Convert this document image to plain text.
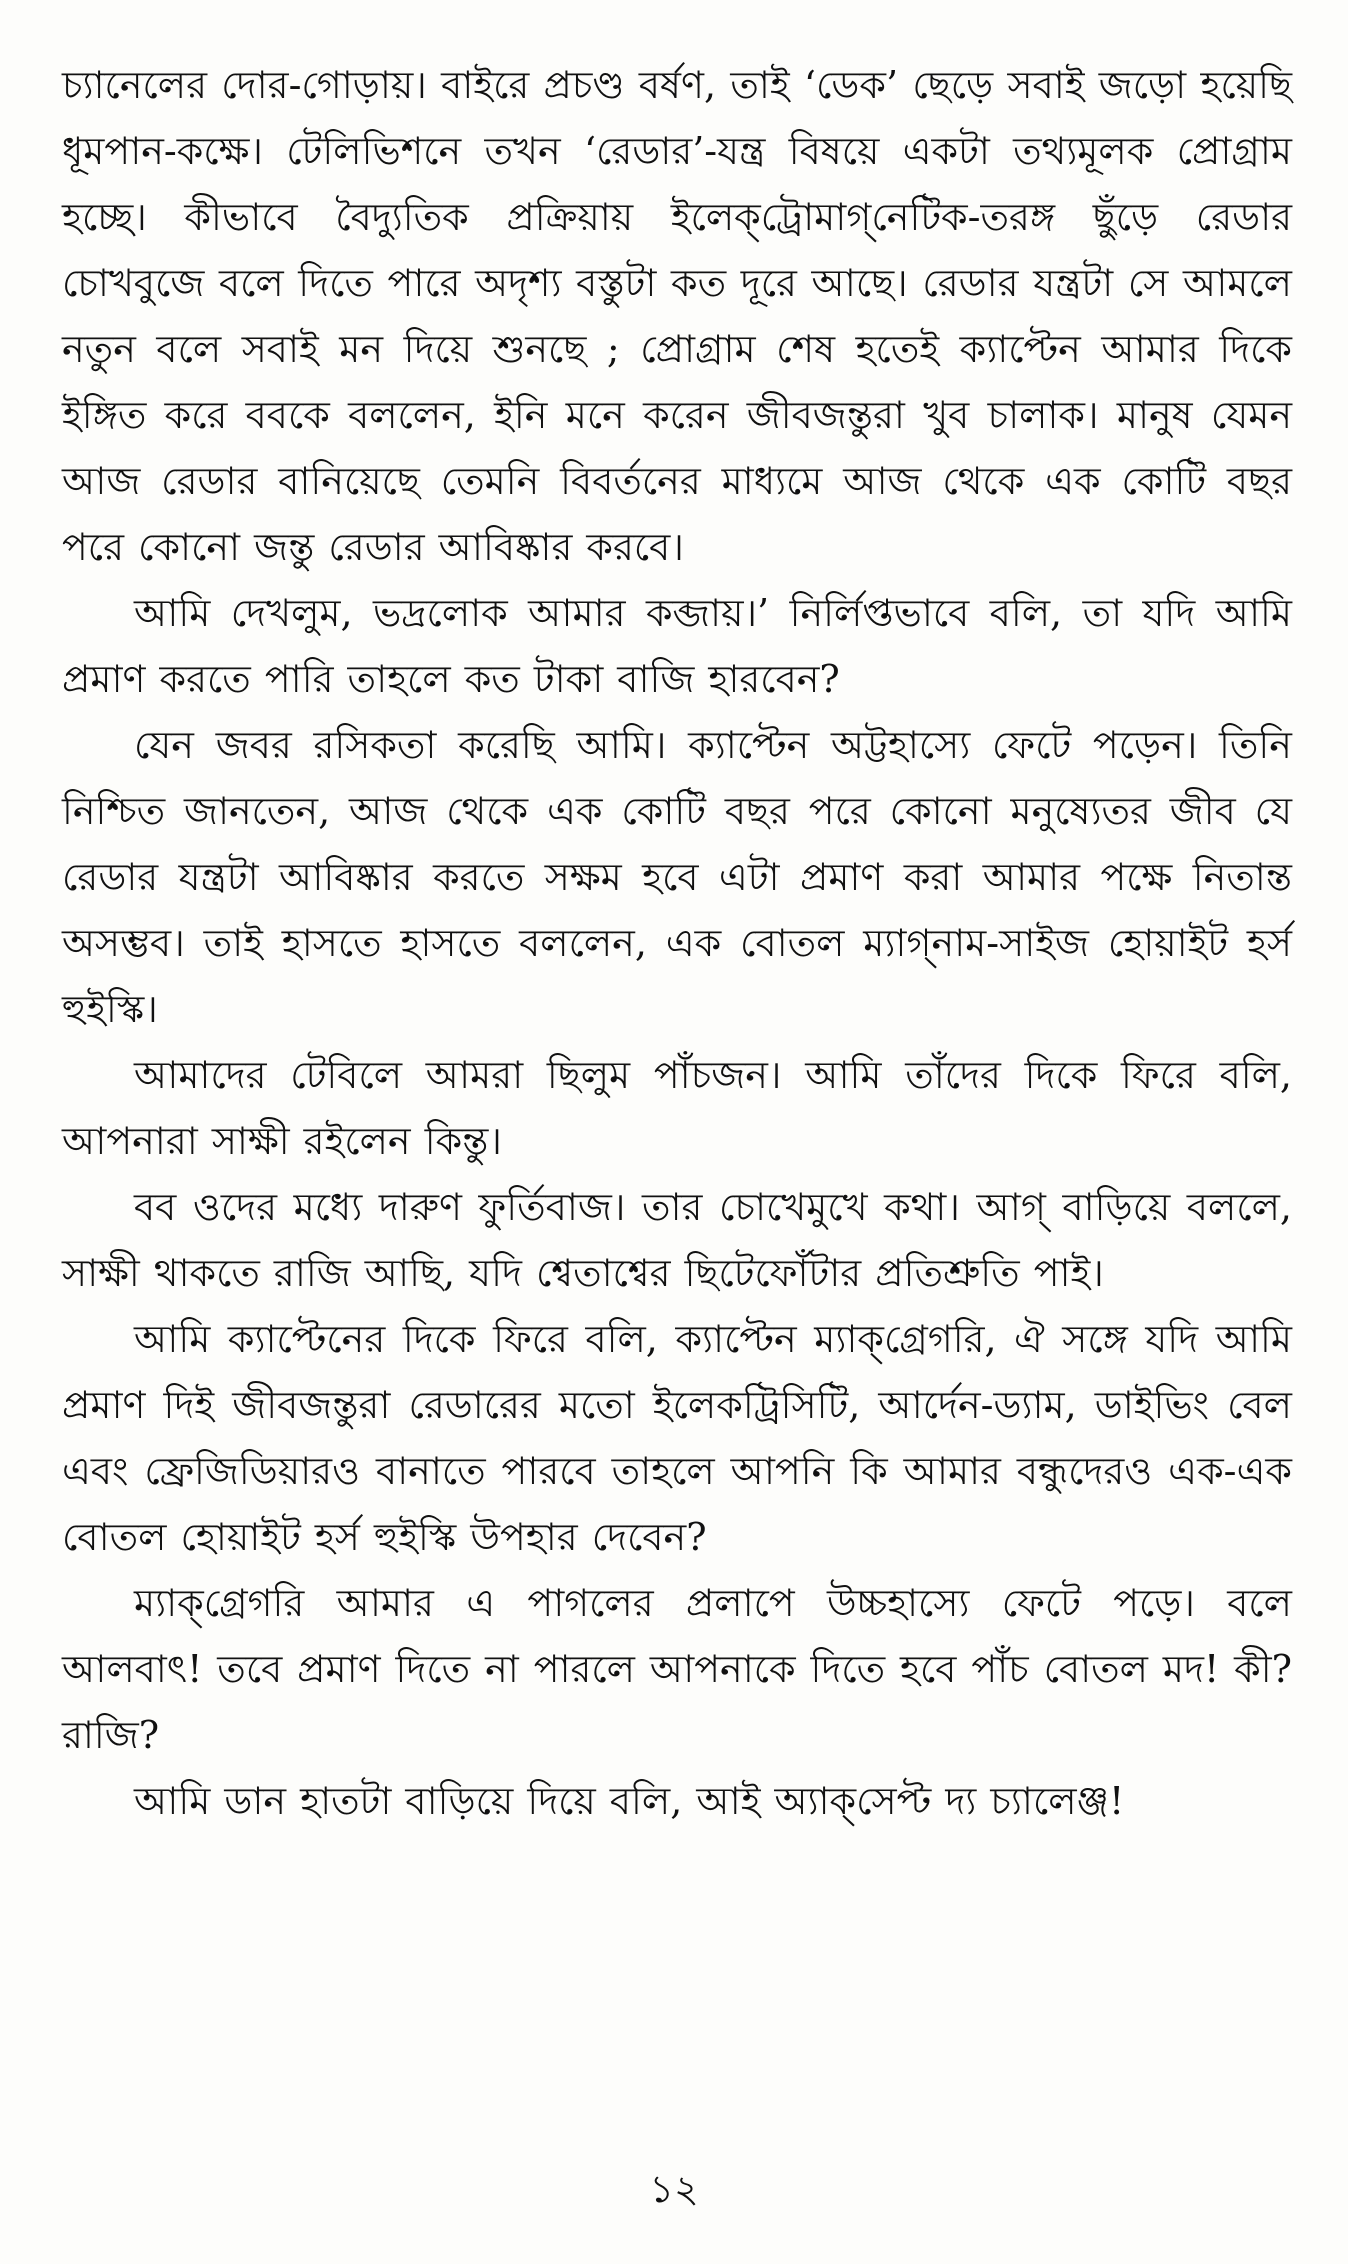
চ্যানেলের দোর-গোড়ায়। বাইরে প্রচণ্ড বর্ষণ, তাই ‘ডেক’ ছেড়ে সবাই জড়ো হয়েছি ধূমপান-কক্ষে। টেলিভিশনে তখন ‘রেডার’-যন্ত্র বিষয়ে একটা তথ্যমূলক প্রোগ্রাম হচ্ছে। কীভাবে বৈদ্যুতিক প্রক্রিয়ায় ইলেক্‌ট্রোমাগ্‌নেটিক-তরঙ্গ ছুঁড়ে রেডার চোখবুজে বলে দিতে পারে অদৃশ্য বস্তুটা কত দূরে আছে। রেডার যন্ত্রটা সে আমলে নতুন বলে সবাই মন দিয়ে শুনছে ; প্রোগ্রাম শেষ হতেই ক্যাপ্টেন আমার দিকে ইঙ্গিত করে ববকে বললেন, ইনি মনে করেন জীবজন্তুরা খুব চালাক। মানুষ যেমন আজ রেডার বানিয়েছে তেমনি বিবর্তনের মাধ্যমে আজ থেকে এক কোটি বছর পরে কোনো জন্তু রেডার আবিষ্কার করবে।

আমি দেখলুম, ভদ্রলোক আমার কব্জায়।’ নির্লিপ্তভাবে বলি, তা যদি আমি প্রমাণ করতে পারি তাহলে কত টাকা বাজি হারবেন?

যেন জবর রসিকতা করেছি আমি। ক্যাপ্টেন অট্টহাস্যে ফেটে পড়েন। তিনি নিশ্চিত জানতেন, আজ থেকে এক কোটি বছর পরে কোনো মনুষ্যেতর জীব যে রেডার যন্ত্রটা আবিষ্কার করতে সক্ষম হবে এটা প্রমাণ করা আমার পক্ষে নিতান্ত অসম্ভব। তাই হাসতে হাসতে বললেন, এক বোতল ম্যাগ্‌নাম-সাইজ হোয়াইট হর্স হুইস্কি।

আমাদের টেবিলে আমরা ছিলুম পাঁচজন। আমি তাঁদের দিকে ফিরে বলি, আপনারা সাক্ষী রইলেন কিন্তু।

বব ওদের মধ্যে দারুণ ফুর্তিবাজ। তার চোখেমুখে কথা। আগ্‌ বাড়িয়ে বললে, সাক্ষী থাকতে রাজি আছি, যদি শ্বেতাশ্বের ছিটেফোঁটার প্রতিশ্রুতি পাই।

আমি ক্যাপ্টেনের দিকে ফিরে বলি, ক্যাপ্টেন ম্যাক্‌গ্রেগরি, ঐ সঙ্গে যদি আমি প্রমাণ দিই জীবজন্তুরা রেডারের মতো ইলেকট্রিসিটি, আর্দেন-ড্যাম, ডাইভিং বেল এবং ফ্রেজিডিয়ারও বানাতে পারবে তাহলে আপনি কি আমার বন্ধুদেরও এক-এক বোতল হোয়াইট হর্স হুইস্কি উপহার দেবেন?

ম্যাক্‌গ্রেগরি আমার এ পাগলের প্রলাপে উচ্চহাস্যে ফেটে পড়ে। বলে আলবাৎ! তবে প্রমাণ দিতে না পারলে আপনাকে দিতে হবে পাঁচ বোতল মদ! কী? রাজি?

আমি ডান হাতটা বাড়িয়ে দিয়ে বলি, আই অ্যাক্‌সেপ্ট দ্য চ্যালেঞ্জ!

১২
